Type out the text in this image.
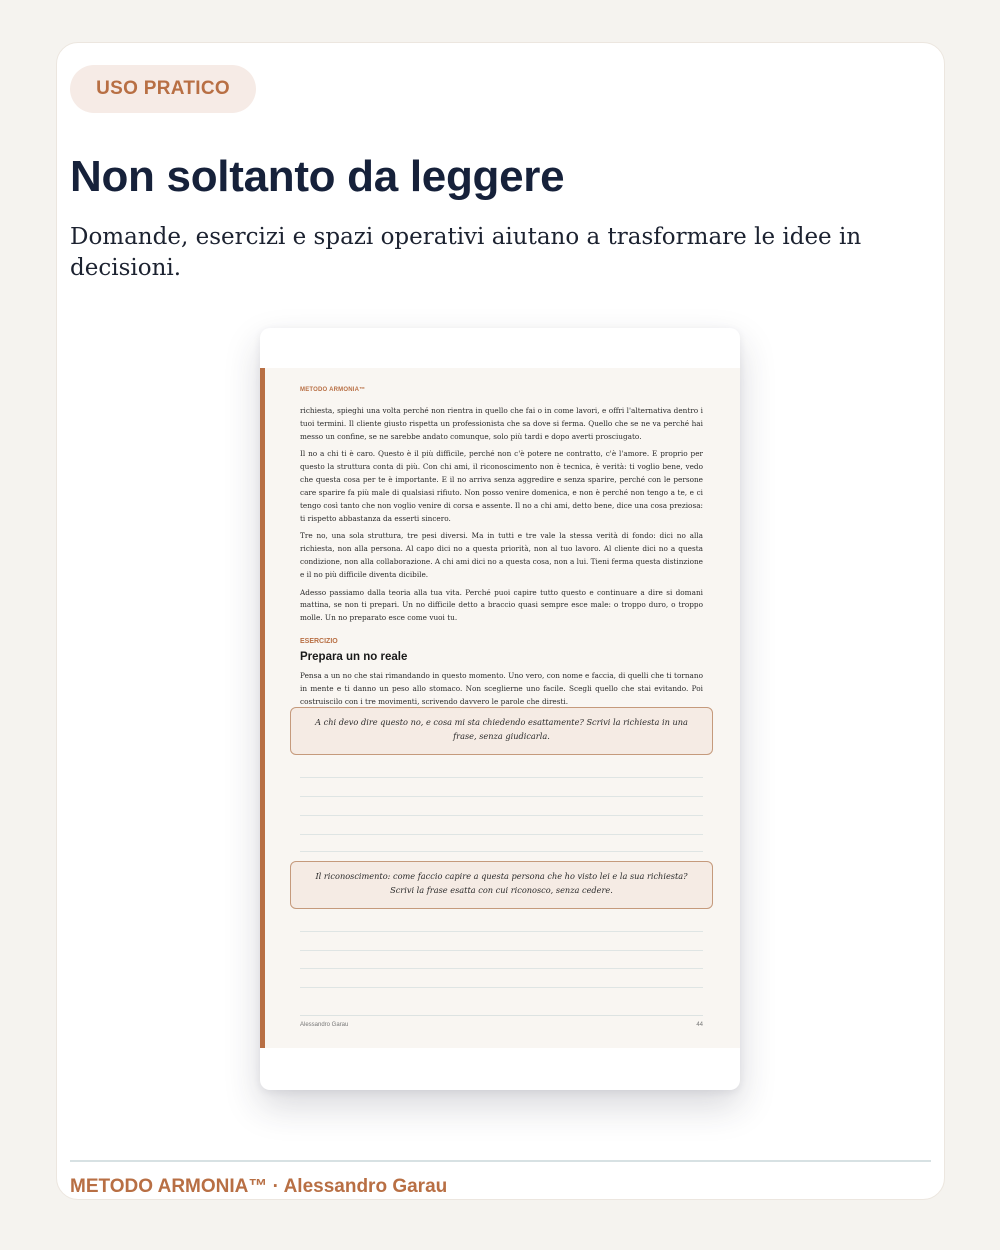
USO PRATICO
Non soltanto da leggere

Domande, esercizi e spazi operativi aiutano a trasformare le idee in decisioni.

METODO ARMONIA™

richiesta, spieghi una volta perché non rientra in quello che fai o in come lavori, e offri l'alternativa dentro i tuoi termini. Il cliente giusto rispetta un professionista che sa dove si ferma. Quello che se ne va perché hai messo un confine, se ne sarebbe andato comunque, solo più tardi e dopo averti prosciugato.

Il no a chi ti è caro. Questo è il più difficile, perché non c'è potere ne contratto, c'è l'amore. E proprio per questo la struttura conta di più. Con chi ami, il riconoscimento non è tecnica, è verità: ti voglio bene, vedo che questa cosa per te è importante. E il no arriva senza aggredire e senza sparire, perché con le persone care sparire fa più male di qualsiasi rifiuto. Non posso venire domenica, e non è perché non tengo a te, e ci tengo così tanto che non voglio venire di corsa e assente. Il no a chi ami, detto bene, dice una cosa preziosa: ti rispetto abbastanza da esserti sincero.

Tre no, una sola struttura, tre pesi diversi. Ma in tutti e tre vale la stessa verità di fondo: dici no alla richiesta, non alla persona. Al capo dici no a questa priorità, non al tuo lavoro. Al cliente dici no a questa condizione, non alla collaborazione. A chi ami dici no a questa cosa, non a lui. Tieni ferma questa distinzione e il no più difficile diventa dicibile.

Adesso passiamo dalla teoria alla tua vita. Perché puoi capire tutto questo e continuare a dire si domani mattina, se non ti prepari. Un no difficile detto a braccio quasi sempre esce male: o troppo duro, o troppo molle. Un no preparato esce come vuoi tu.

ESERCIZIO
Prepara un no reale
Pensa a un no che stai rimandando in questo momento. Uno vero, con nome e faccia, di quelli che ti tornano in mente e ti danno un peso allo stomaco. Non sceglierne uno facile. Scegli quello che stai evitando. Poi costruiscilo con i tre movimenti, scrivendo davvero le parole che diresti.
A chi devo dire questo no, e cosa mi sta chiedendo esattamente? Scrivi la richiesta in una frase, senza giudicarla.
Il riconoscimento: come faccio capire a questa persona che ho visto lei e la sua richiesta? Scrivi la frase esatta con cui riconosco, senza cedere.
Alessandro Garau	44
METODO ARMONIA™ · Alessandro Garau
